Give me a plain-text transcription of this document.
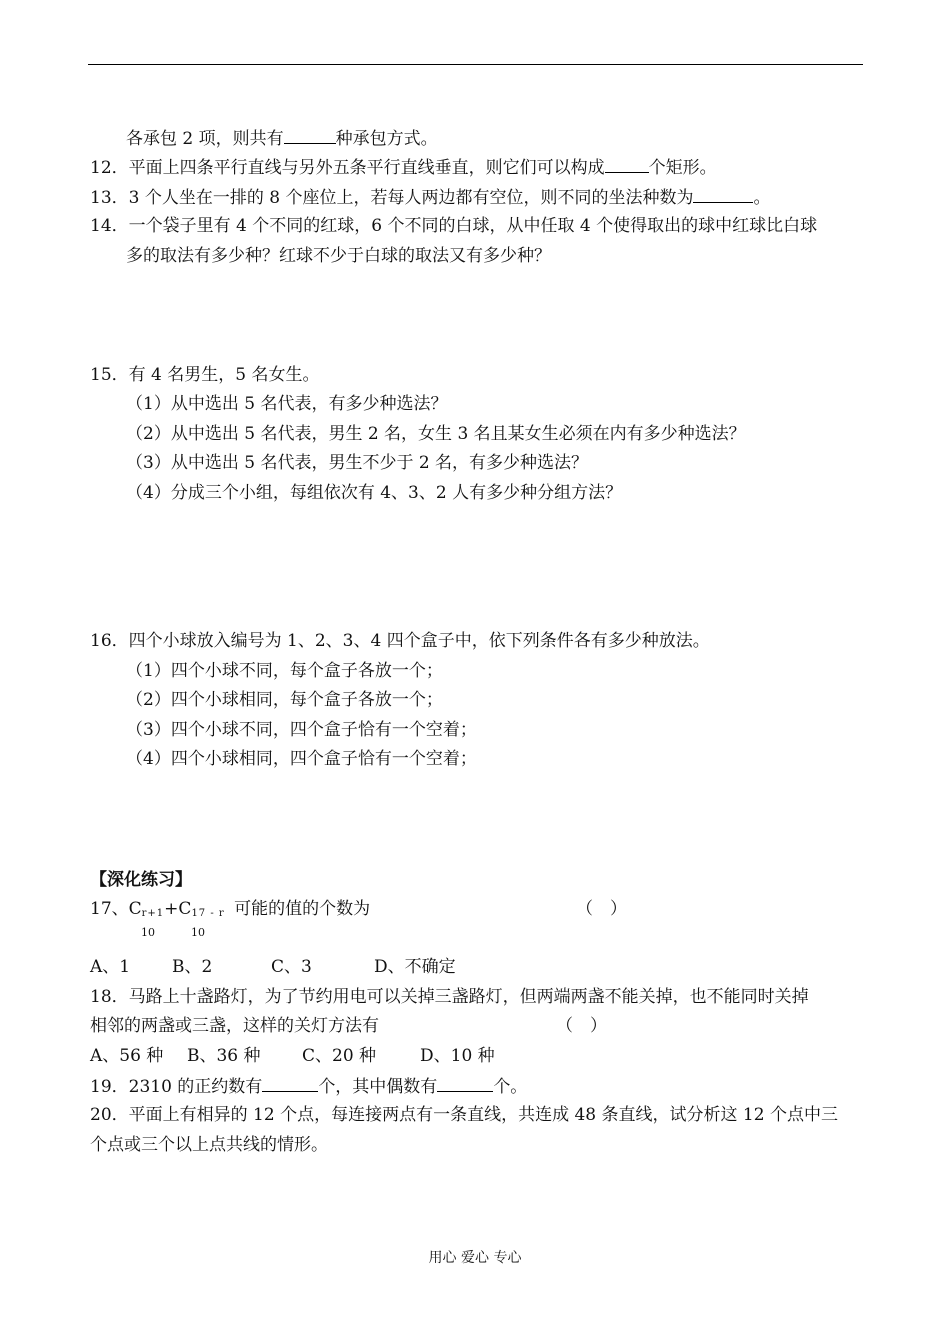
各承包 2 项，则共有	种承包方式。
12．平面上四条平行直线与另外五条平行直线垂直，则它们可以构成	个矩形。
13．3 个人坐在一排的 8 个座位上，若每人两边都有空位，则不同的坐法种数为	。
14．一个袋子里有 4 个不同的红球，6 个不同的白球，从中任取 4 个使得取出的球中红球比白球
多的取法有多少种？红球不少于白球的取法又有多少种？
15．有 4 名男生，5 名女生。
（1）从中选出 5 名代表，有多少种选法？
（2）从中选出 5 名代表，男生 2 名，女生 3 名且某女生必须在内有多少种选法？
（3）从中选出 5 名代表，男生不少于 2 名，有多少种选法？
（4）分成三个小组，每组依次有 4、3、2 人有多少种分组方法？
16．四个小球放入编号为 1、2、3、4 四个盒子中，依下列条件各有多少种放法。
（1）四个小球不同，每个盒子各放一个；
（2）四个小球相同，每个盒子各放一个；
（3）四个小球不同，四个盒子恰有一个空着；
（4）四个小球相同，四个盒子恰有一个空着；
【深化练习】
17、Cr+1+C17 - r 可能的值的个数为
10	10
（　）
A、1 B、2	C、3	D、不确定
18．马路上十盏路灯，为了节约用电可以关掉三盏路灯，但两端两盏不能关掉，也不能同时关掉
相邻的两盏或三盏，这样的关灯方法有	（　）
A、56 种 B、36 种 C、20 种	D、10 种
19．2310 的正约数有	个，其中偶数有	个。
20．平面上有相异的 12 个点，每连接两点有一条直线，共连成 48 条直线，试分析这 12 个点中三
个点或三个以上点共线的情形。
用心 爱心 专心
